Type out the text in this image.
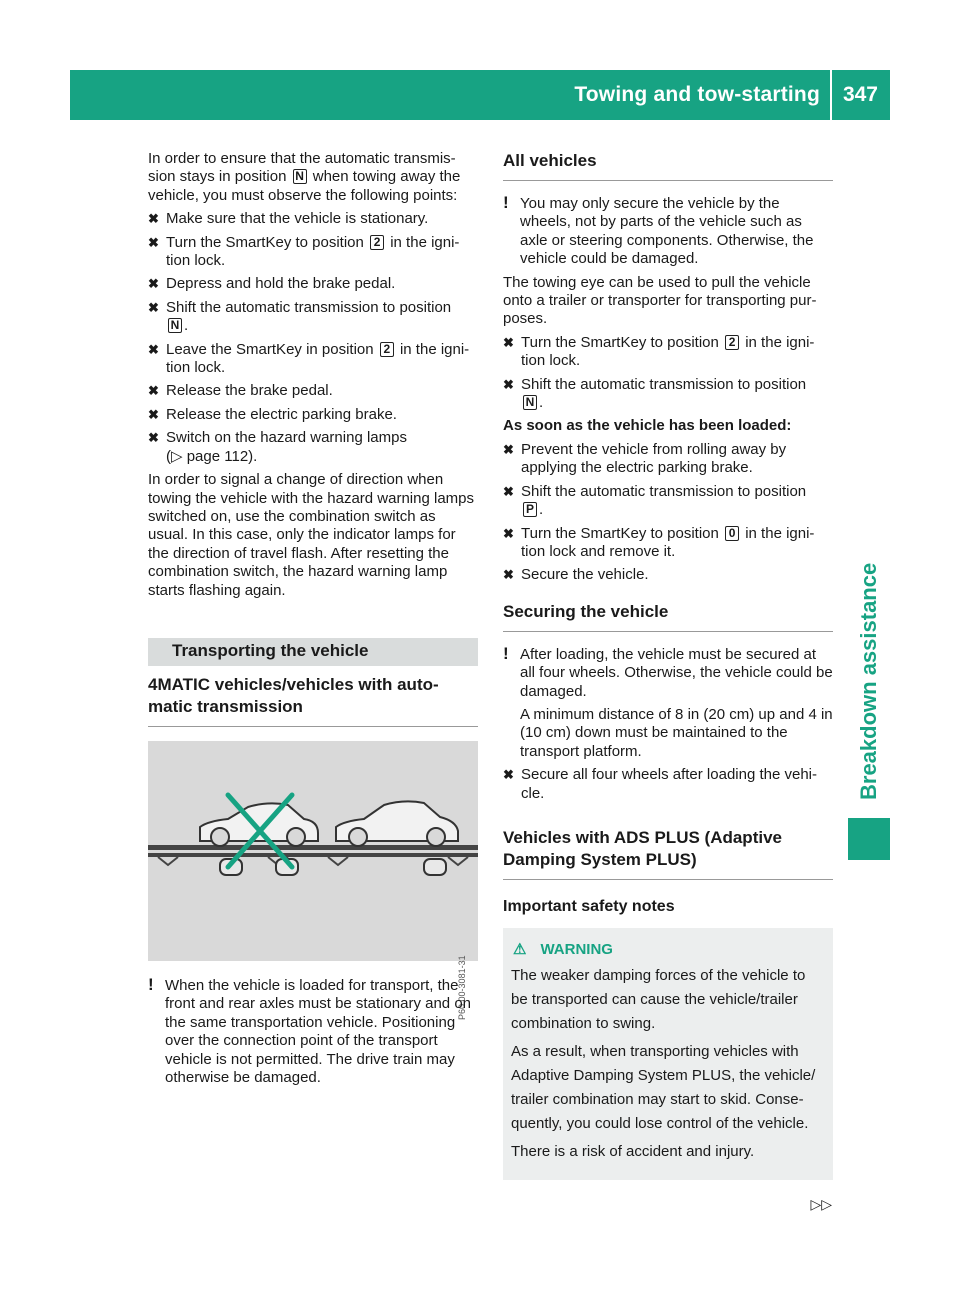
Towing and tow-starting 347
Breakdown assistance

In order to ensure that the automatic transmis- sion stays in position N when towing away the vehicle, you must observe the following points:

✖ Make sure that the vehicle is stationary.
✖ Turn the SmartKey to position 2 in the igni- tion lock.
✖ Depress and hold the brake pedal.
✖ Shift the automatic transmission to position
N .
✖ Leave the SmartKey in position 2 in the igni- tion lock.
✖ Release the brake pedal.
✖ Release the electric parking brake.
✖ Switch on the hazard warning lamps
(▷ page 112).

In order to signal a change of direction when towing the vehicle with the hazard warning lamps switched on, use the combination switch as usual. In this case, only the indicator lamps for the direction of travel flash. After resetting the combination switch, the hazard warning lamp starts flashing again.

Transporting the vehicle
4MATIC vehicles/vehicles with auto- matic transmission
P60.00-3081-31
! When the vehicle is loaded for transport, the front and rear axles must be stationary and on the same transportation vehicle. Positioning over the connection point of the transport vehicle is not permitted. The drive train may otherwise be damaged.
All vehicles
! You may only secure the vehicle by the wheels, not by parts of the vehicle such as axle or steering components. Otherwise, the vehicle could be damaged.

The towing eye can be used to pull the vehicle onto a trailer or transporter for transporting pur- poses.

✖ Turn the SmartKey to position 2 in the igni- tion lock.
✖ Shift the automatic transmission to position
N .

As soon as the vehicle has been loaded:

✖ Prevent the vehicle from rolling away by applying the electric parking brake.
✖ Shift the automatic transmission to position
P .
✖ Turn the SmartKey to position 0 in the igni- tion lock and remove it.
✖ Secure the vehicle.
Securing the vehicle
! After loading, the vehicle must be secured at all four wheels. Otherwise, the vehicle could be damaged.

A minimum distance of 8 in (20 cm) up and 4 in (10 cm) down must be maintained to the transport platform.

✖ Secure all four wheels after loading the vehi- cle.
Vehicles with ADS PLUS (Adaptive Damping System PLUS)
Important safety notes
⚠ WARNING

The weaker damping forces of the vehicle to be transported can cause the vehicle/trailer combination to swing.

As a result, when transporting vehicles with Adaptive Damping System PLUS, the vehicle/ trailer combination may start to skid. Conse- quently, you could lose control of the vehicle.

There is a risk of accident and injury.

▷▷
